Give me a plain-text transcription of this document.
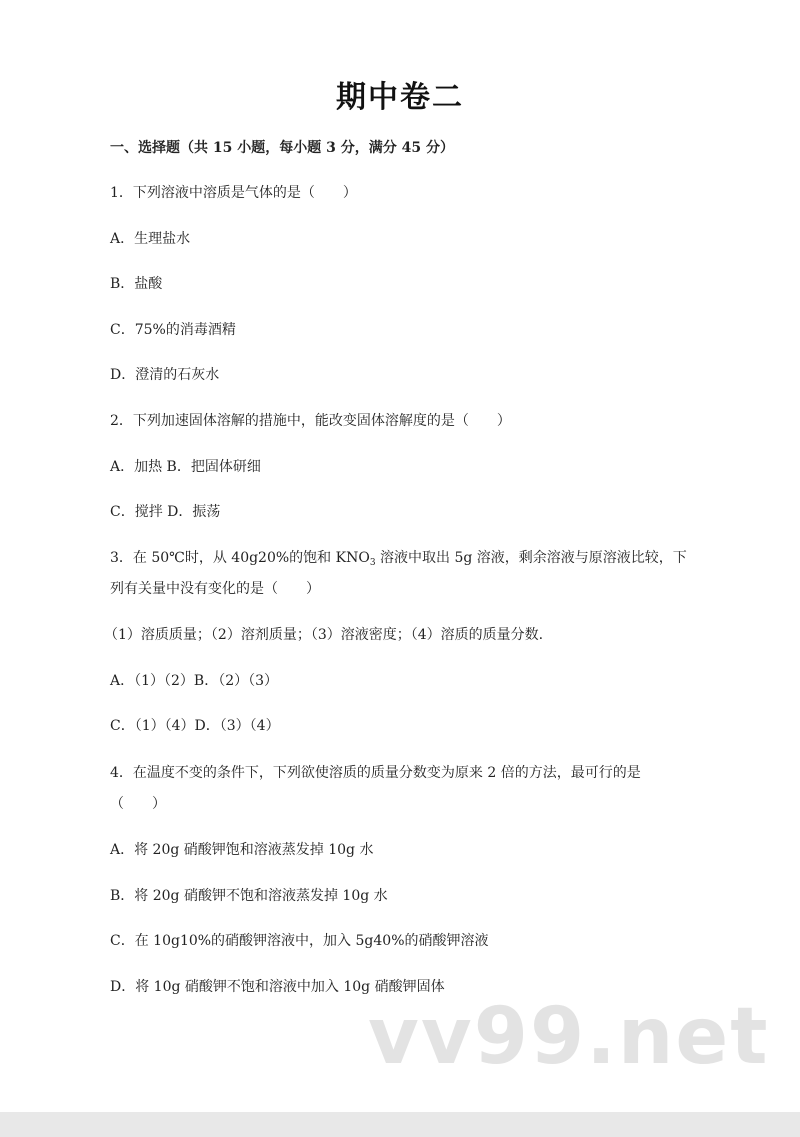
期中卷二
一、选择题（共 15 小题，每小题 3 分，满分 45 分）
1．下列溶液中溶质是气体的是（　　）
A．生理盐水
B．盐酸
C．75%的消毒酒精
D．澄清的石灰水
2．下列加速固体溶解的措施中，能改变固体溶解度的是（　　）
A．加热 B．把固体研细
C．搅拌 D．振荡
3．在 50℃时，从 40g20%的饱和 $KNO_3$ 溶液中取出 5g 溶液，剩余溶液与原溶液比较，下
列有关量中没有变化的是（　　）
（1）溶质质量；（2）溶剂质量；（3）溶液密度；（4）溶质的质量分数.
A．（1）（2）B．（2）（3）
C．（1）（4）D．（3）（4）
4．在温度不变的条件下，下列欲使溶质的质量分数变为原来 2 倍的方法，最可行的是
（　　）
A．将 20g 硝酸钾饱和溶液蒸发掉 10g 水
B．将 20g 硝酸钾不饱和溶液蒸发掉 10g 水
C．在 10g10%的硝酸钾溶液中，加入 5g40%的硝酸钾溶液
D．将 10g 硝酸钾不饱和溶液中加入 10g 硝酸钾固体
vv99.net
